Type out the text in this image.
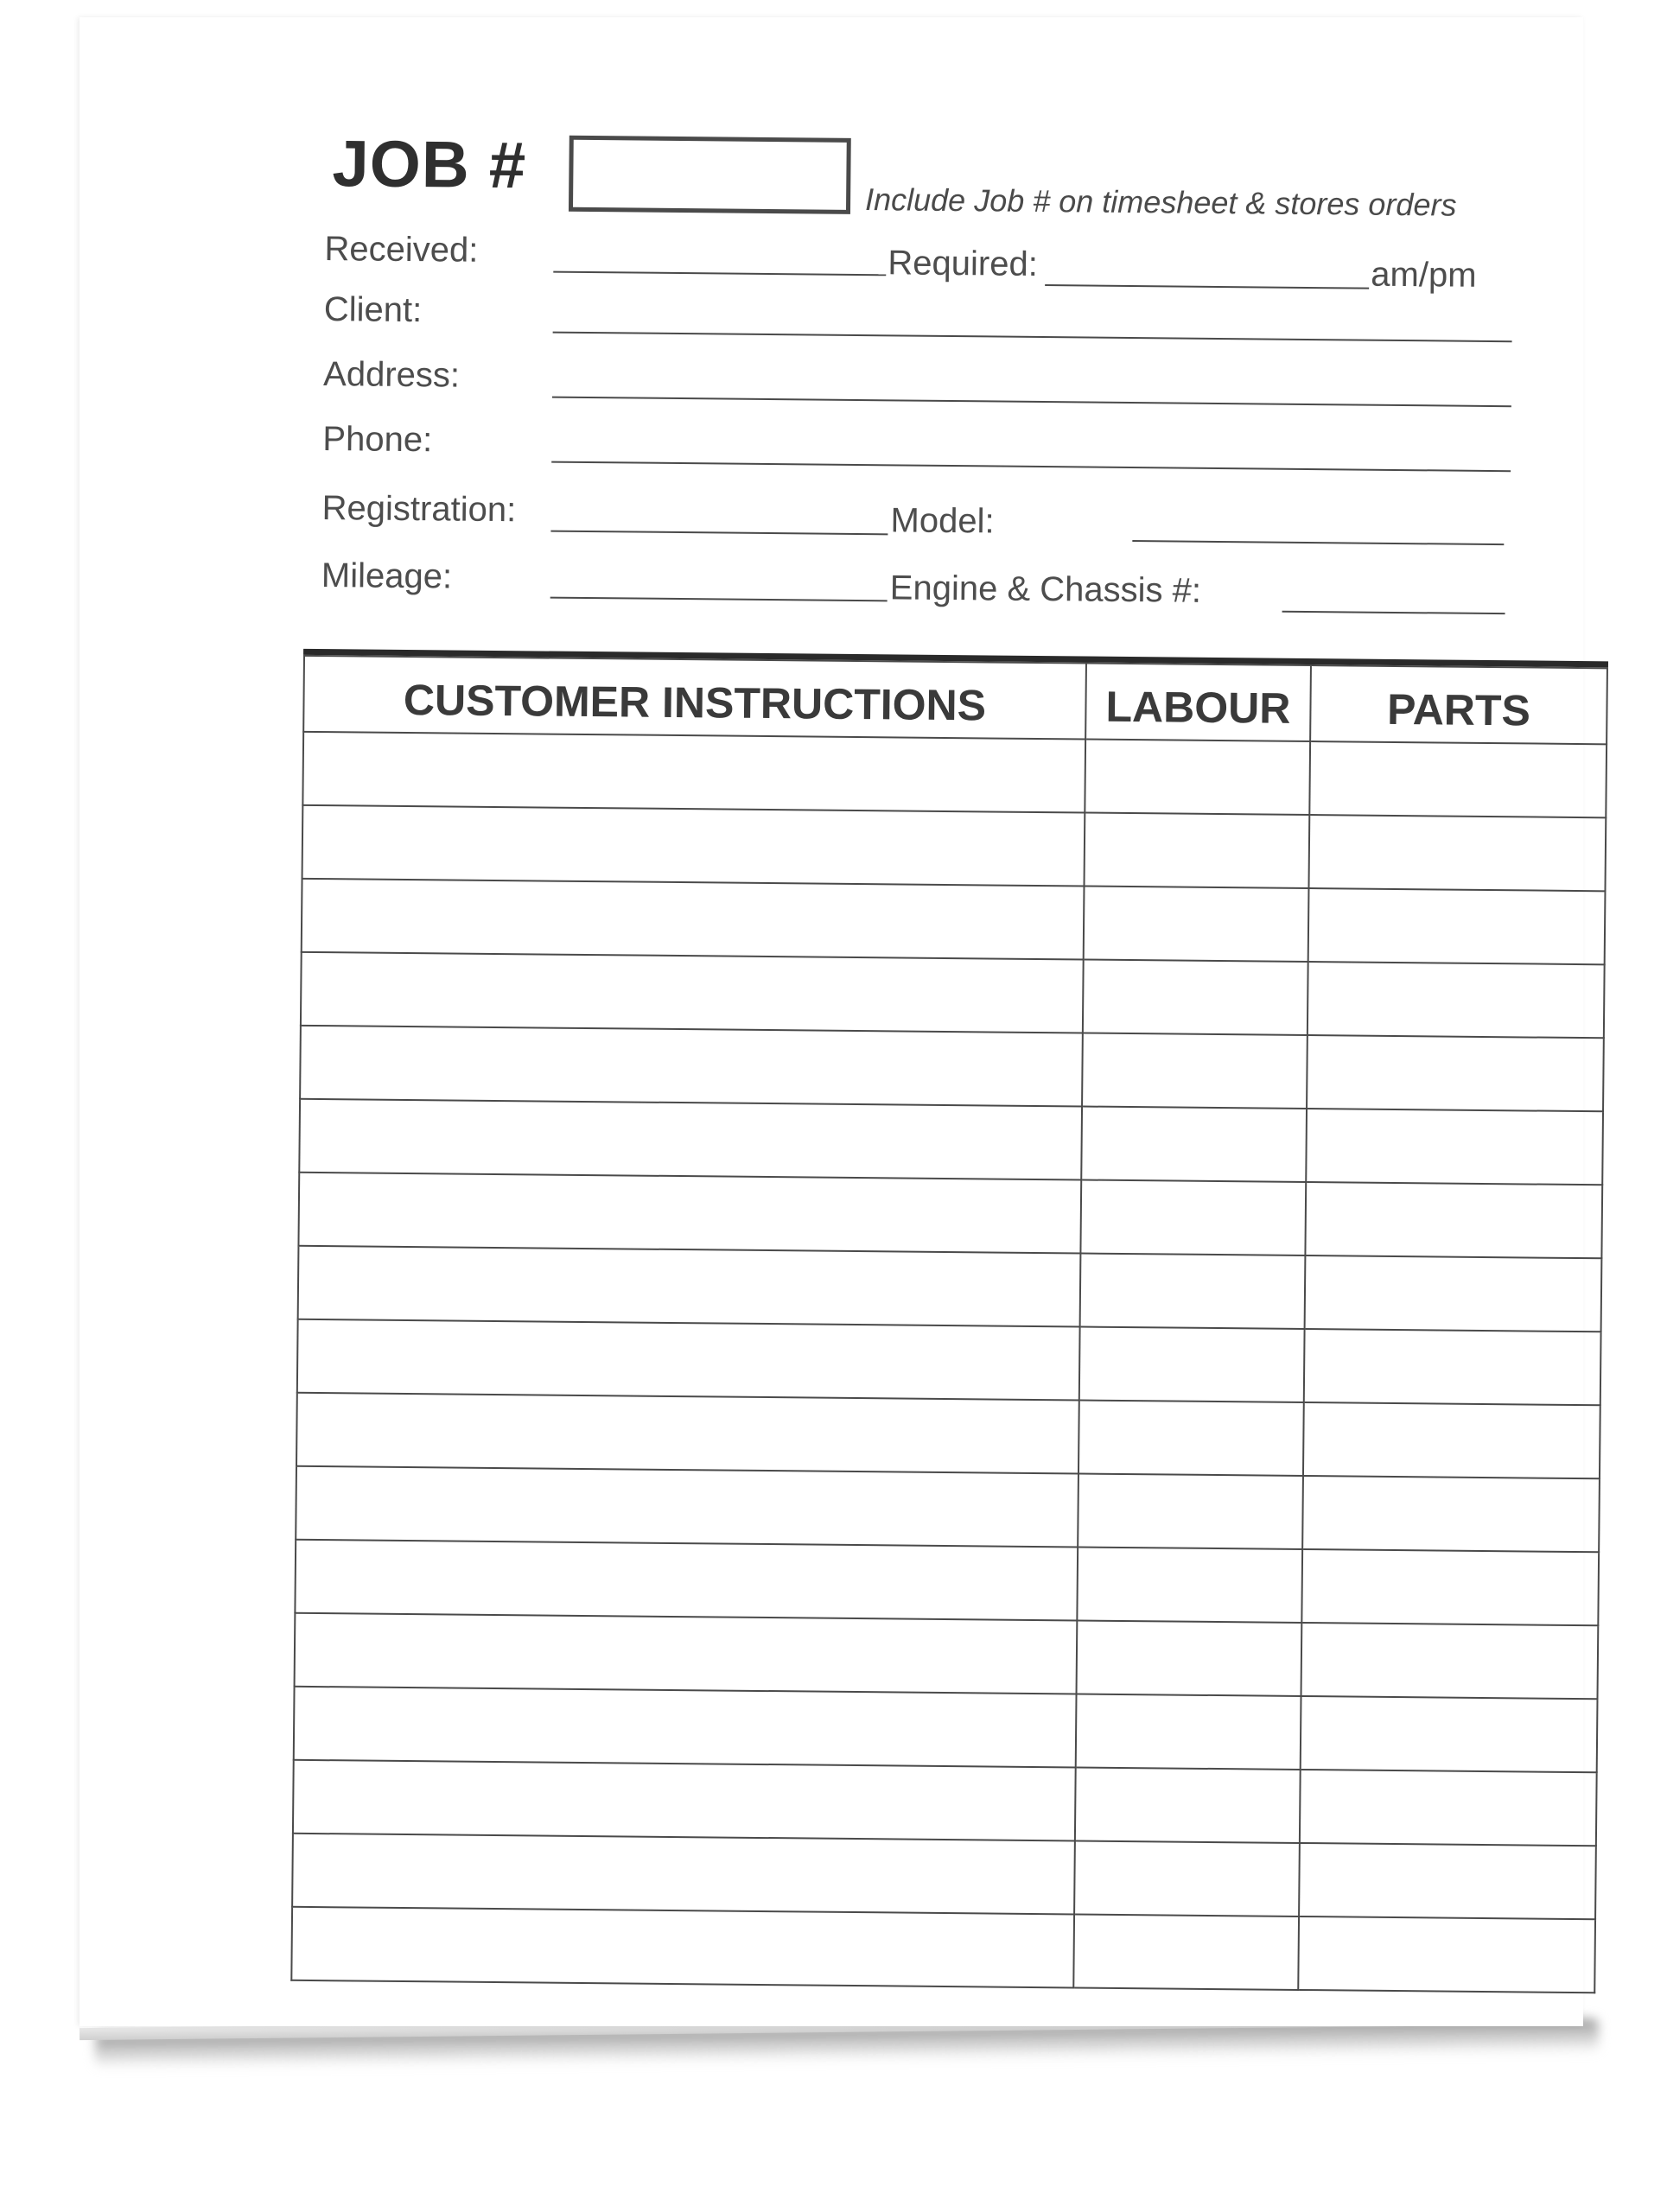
JOB #	Include Job # on timesheet & stores orders
Received:	Required:	am/pm
Client:
Address:
Phone:
Registration:	Model:
Mileage:	Engine & Chassis #:
CUSTOMER INSTRUCTIONS	LABOUR	PARTS
